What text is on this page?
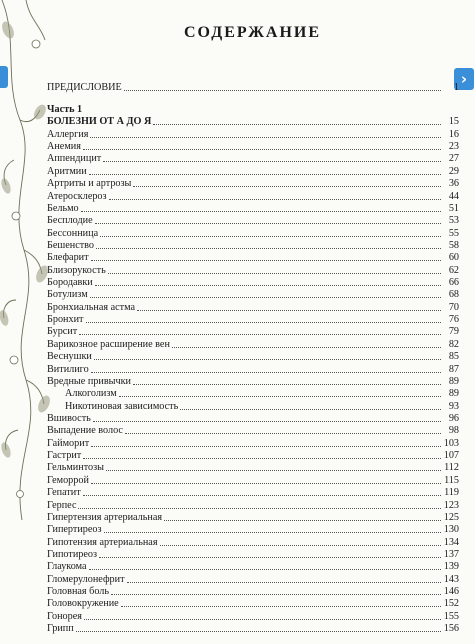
›
СОДЕРЖАНИЕ
ПРЕДИСЛОВИЕ	1
Часть 1
БОЛЕЗНИ ОТ А ДО Я	15
Аллергия	16
Анемия	23
Аппендицит	27
Аритмии	29
Артриты и артрозы	36
Атеросклероз	44
Бельмо	51
Бесплодие	53
Бессонница	55
Бешенство	58
Блефарит	60
Близорукость	62
Бородавки	66
Ботулизм	68
Бронхиальная астма	70
Бронхит	76
Бурсит	79
Варикозное расширение вен	82
Веснушки	85
Витилиго	87
Вредные привычки	89
Алкоголизм	89
Никотиновая зависимость	93
Вшивость	96
Выпадение волос	98
Гайморит	103
Гастрит	107
Гельминтозы	112
Геморрой	115
Гепатит	119
Герпес	123
Гипертензия артериальная	125
Гипертиреоз	130
Гипотензия артериальная	134
Гипотиреоз	137
Глаукома	139
Гломерулонефрит	143
Головная боль	146
Головокружение	152
Гонорея	155
Грипп	156
